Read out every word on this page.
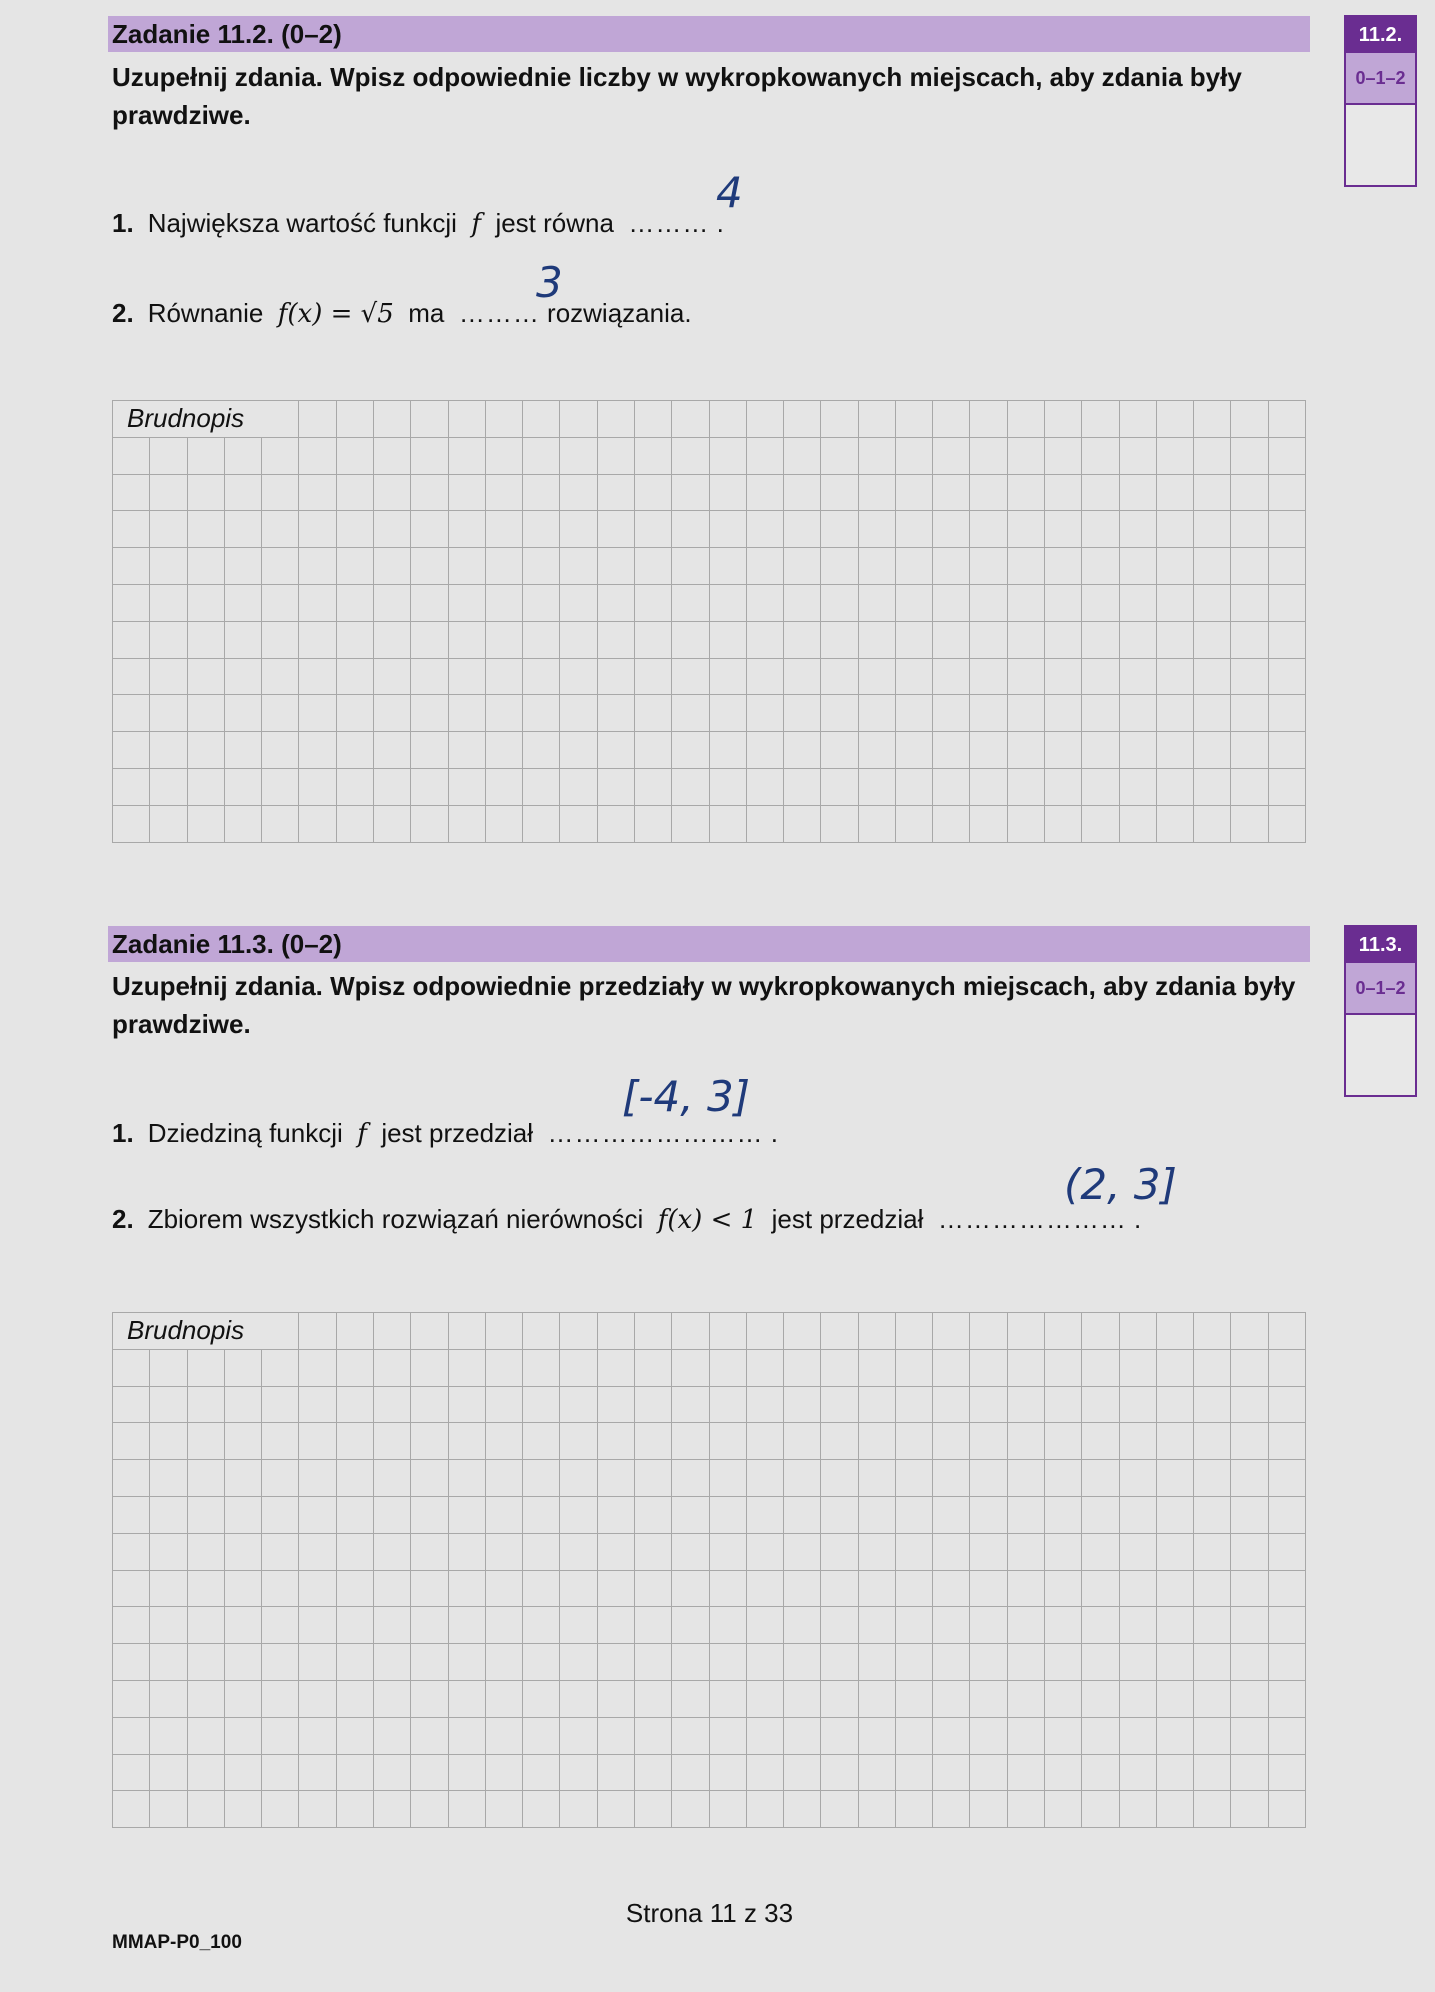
Zadanie 11.2. (0–2)
Uzupełnij zdania. Wpisz odpowiednie liczby w wykropkowanych miejscach, aby zdania były prawdziwe.
11.2.
0–1–2
1. Największa wartość funkcji f jest równa ……… .
4
2. Równanie f(x) = √5 ma ……… rozwiązania.
3
Brudnopis																															

Zadanie 11.3. (0–2)
Uzupełnij zdania. Wpisz odpowiednie przedziały w wykropkowanych miejscach, aby zdania były prawdziwe.
11.3.
0–1–2
1. Dziedziną funkcji f jest przedział …………………… .
[-4, 3]
2. Zbiorem wszystkich rozwiązań nierówności f(x) < 1 jest przedział ………………… .
(2, 3]
Brudnopis																															

Strona 11 z 33
MMAP-P0_100
